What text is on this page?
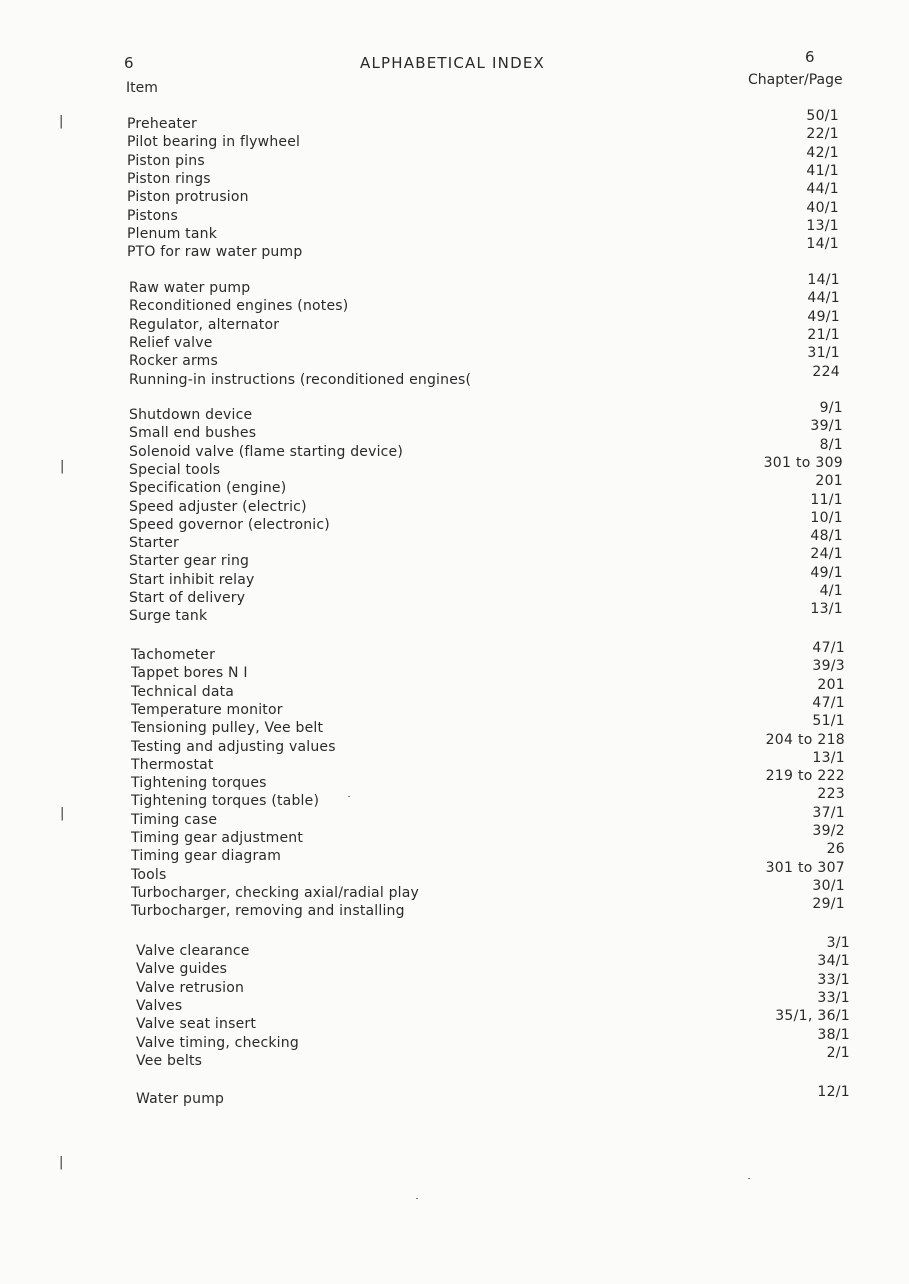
6	ALPHABETICAL INDEX	6
Item	Chapter/Page
|
|
|
|
Preheater	50/1
Pilot bearing in flywheel	22/1
Piston pins	42/1
Piston rings	41/1
Piston protrusion	44/1
Pistons	40/1
Plenum tank	13/1
PTO for raw water pump	14/1
Raw water pump	14/1
Reconditioned engines (notes)	44/1
Regulator, alternator	49/1
Relief valve	21/1
Rocker arms	31/1
Running-in instructions (reconditioned engines(	224
Shutdown device	9/1
Small end bushes	39/1
Solenoid valve (flame starting device)	8/1
Special tools	301 to 309
Specification (engine)	201
Speed adjuster (electric)	11/1
Speed governor (electronic)	10/1
Starter	48/1
Starter gear ring	24/1
Start inhibit relay	49/1
Start of delivery	4/1
Surge tank	13/1
Tachometer	47/1
Tappet bores N I	39/3
Technical data	201
Temperature monitor	47/1
Tensioning pulley, Vee belt	51/1
Testing and adjusting values	204 to 218
Thermostat	13/1
Tightening torques	219 to 222
Tightening torques (table)	223
Timing case	37/1
Timing gear adjustment	39/2
Timing gear diagram	26
Tools	301 to 307
Turbocharger, checking axial/radial play	30/1
Turbocharger, removing and installing	29/1
Valve clearance	3/1
Valve guides	34/1
Valve retrusion	33/1
Valves	33/1
Valve seat insert	35/1, 36/1
Valve timing, checking	38/1
Vee belts	2/1
Water pump	12/1
